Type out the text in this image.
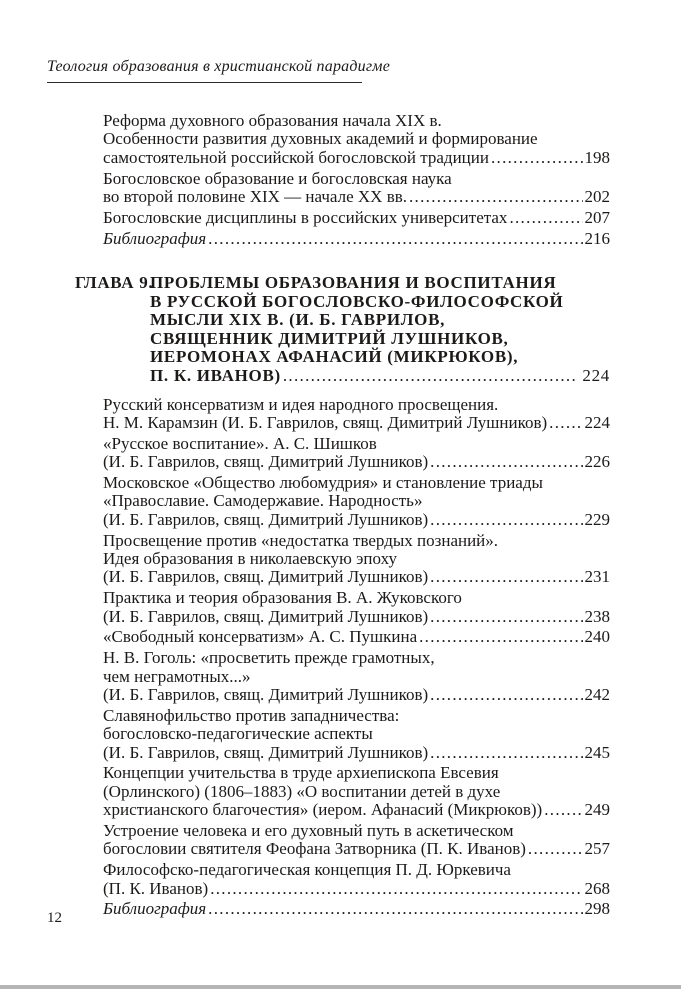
Теология образования в христианской парадигме
Реформа духовного образования начала XIX в.
Особенности развития духовных академий и формирование
самостоятельной российской богословской традиции .....	198
Богословское образование и богословская наука
во второй половине XIX — начале XX вв. .....	202
Богословские дисциплины в российских университетах .....	207
Библиография .....	216
ГЛАВА 9.
ПРОБЛЕМЫ ОБРАЗОВАНИЯ И ВОСПИТАНИЯ
В РУССКОЙ БОГОСЛОВСКО-ФИЛОСОФСКОЙ
МЫСЛИ XIX В. (И. Б. ГАВРИЛОВ,
СВЯЩЕННИК ДИМИТРИЙ ЛУШНИКОВ,
ИЕРОМОНАХ АФАНАСИЙ (МИКРЮКОВ),
П. К. ИВАНОВ) .....	224
Русский консерватизм и идея народного просвещения.
Н. М. Карамзин (И. Б. Гаврилов, свящ. Димитрий Лушников) ..... 224
«Русское воспитание». А. С. Шишков
(И. Б. Гаврилов, свящ. Димитрий Лушников) .....	226
Московское «Общество любомудрия» и становление триады
«Православие. Самодержавие. Народность»
(И. Б. Гаврилов, свящ. Димитрий Лушников) .....	229
Просвещение против «недостатка твердых познаний».
Идея образования в николаевскую эпоху
(И. Б. Гаврилов, свящ. Димитрий Лушников) .....	231
Практика и теория образования В. А. Жуковского
(И. Б. Гаврилов, свящ. Димитрий Лушников) .....	238
«Свободный консерватизм» А. С. Пушкина .....	240
Н. В. Гоголь: «просветить прежде грамотных,
чем неграмотных...»
(И. Б. Гаврилов, свящ. Димитрий Лушников) .....	242
Славянофильство против западничества:
богословско-педагогические аспекты
(И. Б. Гаврилов, свящ. Димитрий Лушников) .....	245
Концепции учительства в труде архиепископа Евсевия
(Орлинского) (1806–1883) «О воспитании детей в духе
христианского благочестия» (иером. Афанасий (Микрюков)) ..... 249
Устроение человека и его духовный путь в аскетическом
богословии святителя Феофана Затворника (П. К. Иванов) .....	257
Философско-педагогическая концепция П. Д. Юркевича
(П. К. Иванов) .....	268
Библиография .....	298
12
